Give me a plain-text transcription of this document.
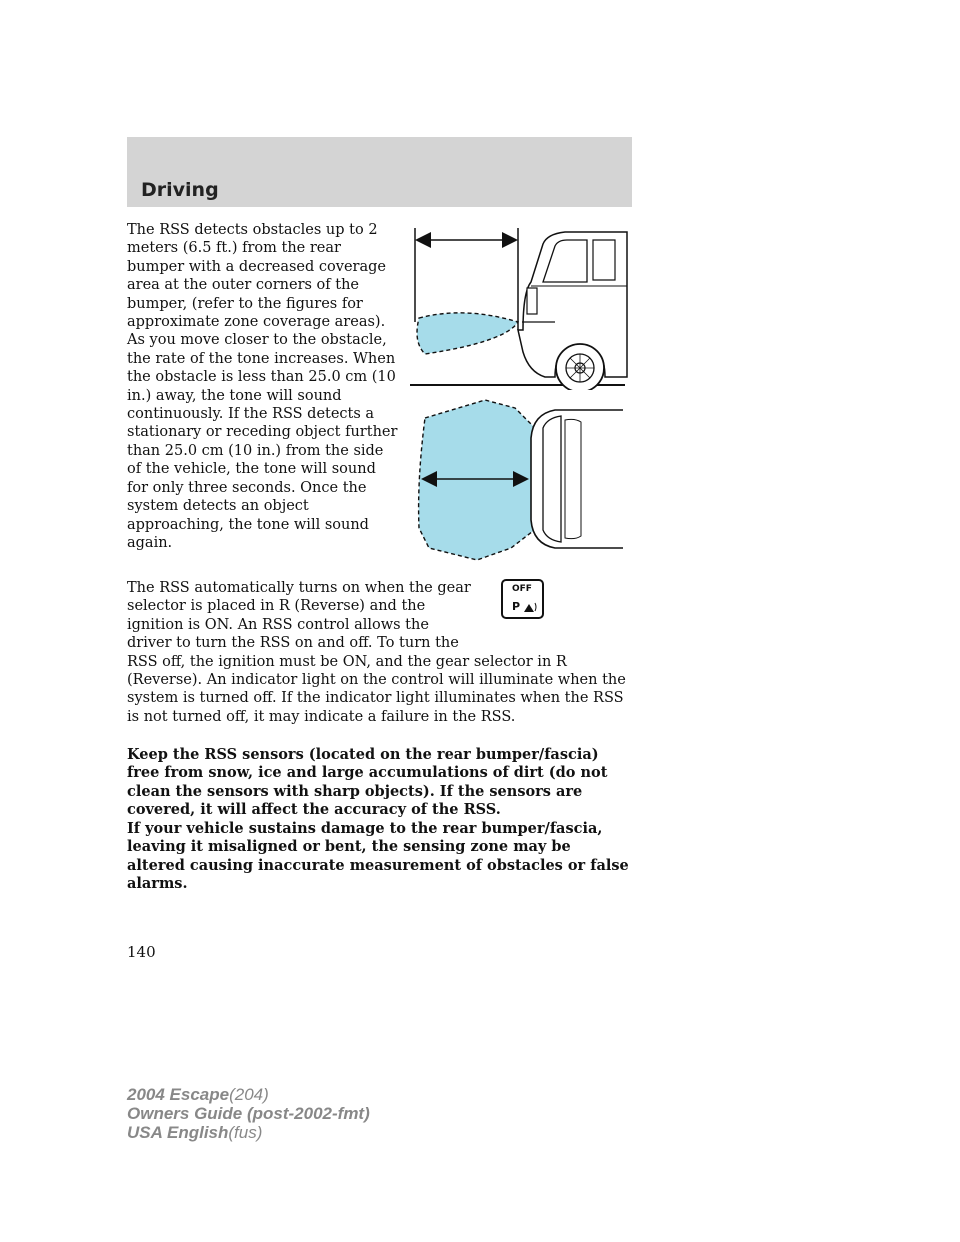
Driving

The RSS detects obstacles up to 2 meters (6.5 ft.) from the rear bumper with a decreased coverage area at the outer corners of the bumper, (refer to the figures for approximate zone coverage areas). As you move closer to the obstacle, the rate of the tone increases. When the obstacle is less than 25.0 cm (10 in.) away, the tone will sound continuously. If the RSS detects a stationary or receding object further than 25.0 cm (10 in.) from the side of the vehicle, the tone will sound for only three seconds. Once the system detects an object approaching, the tone will sound again.

OFF
P

The RSS automatically turns on when the gear selector is placed in R (Reverse) and the ignition is ON. An RSS control allows the driver to turn the RSS on and off. To turn the RSS off, the ignition must be ON, and the gear selector in R (Reverse). An indicator light on the control will illuminate when the system is turned off. If the indicator light illuminates when the RSS is not turned off, it may indicate a failure in the RSS.

Keep the RSS sensors (located on the rear bumper/fascia) free from snow, ice and large accumulations of dirt (do not clean the sensors with sharp objects). If the sensors are covered, it will affect the accuracy of the RSS.

If your vehicle sustains damage to the rear bumper/fascia, leaving it misaligned or bent, the sensing zone may be altered causing inaccurate measurement of obstacles or false alarms.

140
2004 Escape(204)
Owners Guide (post-2002-fmt)
USA English(fus)
